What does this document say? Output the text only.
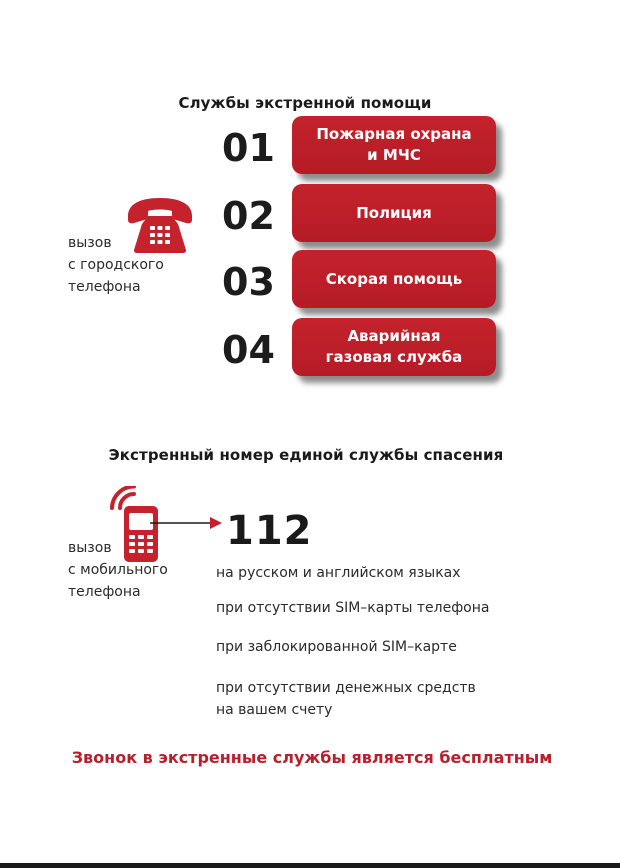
Службы экстренной помощи
вызов
с городского
телефона
01
02
03
04
Пожарная охрана
и МЧС
Полиция
Скорая помощь
Аварийная
газовая служба
Экстренный номер единой службы спасения
вызов
с мобильного
телефона
112
на русском и английском языках
при отсутствии SIM–карты телефона
при заблокированной SIM–карте
при отсутствии денежных средств
на вашем счету
Звонок в экстренные службы является бесплатным
